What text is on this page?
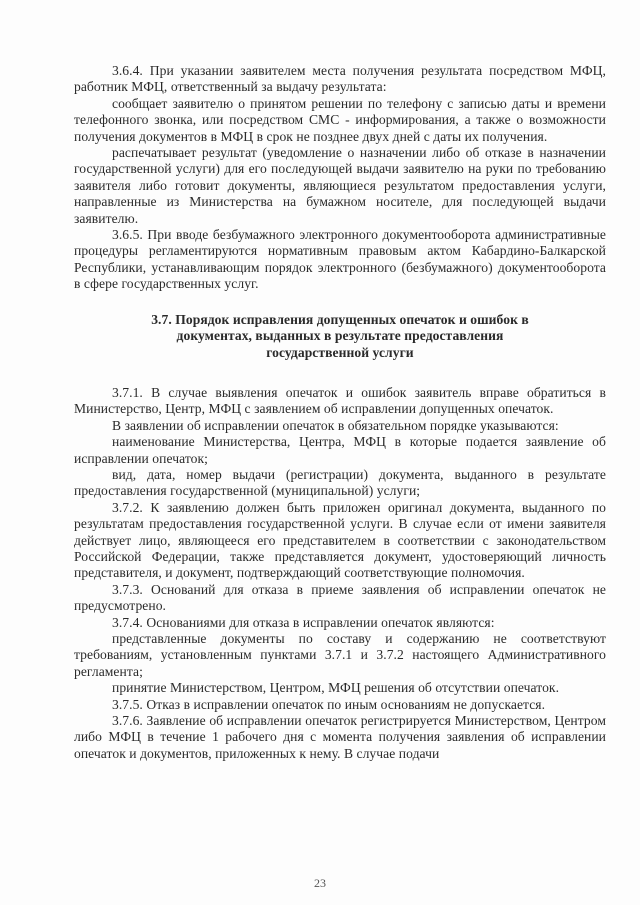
3.6.4. При указании заявителем места получения результата посредством МФЦ, работник МФЦ, ответственный за выдачу результата:

сообщает заявителю о принятом решении по телефону с записью даты и времени телефонного звонка, или посредством СМС - информирования, а также о возможности получения документов в МФЦ в срок не позднее двух дней с даты их получения.

распечатывает результат (уведомление о назначении либо об отказе в назначении государственной услуги) для его последующей выдачи заявителю на руки по требованию заявителя либо готовит документы, являющиеся результатом предоставления услуги, направленные из Министерства на бумажном носителе, для последующей выдачи заявителю.

3.6.5. При вводе безбумажного электронного документооборота административные процедуры регламентируются нормативным правовым актом Кабардино-Балкарской Республики, устанавливающим порядок электронного (безбумажного) документооборота в сфере государственных услуг.

3.7. Порядок исправления допущенных опечаток и ошибок в
документах, выданных в результате предоставления
государственной услуги

3.7.1. В случае выявления опечаток и ошибок заявитель вправе обратиться в Министерство, Центр, МФЦ с заявлением об исправлении допущенных опечаток.

В заявлении об исправлении опечаток в обязательном порядке указываются:

наименование Министерства, Центра, МФЦ в которые подается заявление об исправлении опечаток;

вид, дата, номер выдачи (регистрации) документа, выданного в результате предоставления государственной (муниципальной) услуги;

3.7.2. К заявлению должен быть приложен оригинал документа, выданного по результатам предоставления государственной услуги. В случае если от имени заявителя действует лицо, являющееся его представителем в соответствии с законодательством Российской Федерации, также представляется документ, удостоверяющий личность представителя, и документ, подтверждающий соответствующие полномочия.

3.7.3. Оснований для отказа в приеме заявления об исправлении опечаток не предусмотрено.

3.7.4. Основаниями для отказа в исправлении опечаток являются:

представленные документы по составу и содержанию не соответствуют требованиям, установленным пунктами 3.7.1 и 3.7.2 настоящего Административного регламента;

принятие Министерством, Центром, МФЦ решения об отсутствии опечаток.

3.7.5. Отказ в исправлении опечаток по иным основаниям не допускается.

3.7.6. Заявление об исправлении опечаток регистрируется Министерством, Центром либо МФЦ в течение 1 рабочего дня с момента получения заявления об исправлении опечаток и документов, приложенных к нему. В случае подачи

23
